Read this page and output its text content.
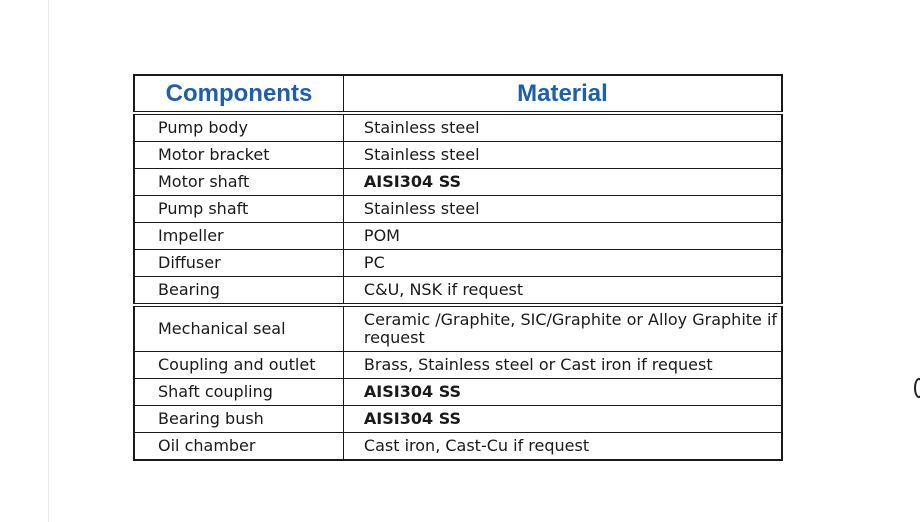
Components	Material
Pump body	Stainless steel
Motor bracket	Stainless steel
Motor shaft	AISI304 SS
Pump shaft	Stainless steel
Impeller	POM
Diffuser	PC
Bearing	C&U, NSK if request
Mechanical seal	Ceramic /Graphite, SIC/Graphite or Alloy Graphite if request
Coupling and outlet	Brass, Stainless steel or Cast iron if request
Shaft coupling	AISI304 SS
Bearing bush	AISI304 SS
Oil chamber	Cast iron, Cast-Cu if request
